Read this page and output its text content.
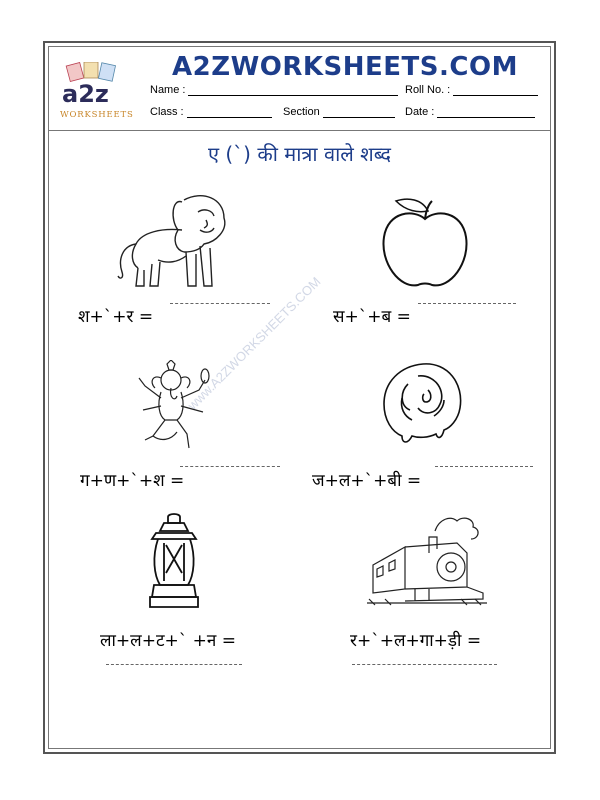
a2z
WORKSHEETS
A2ZWORKSHEETS.COM
Name :	Roll No. :
Class :	Section	Date :
ए (`) की मात्रा वाले शब्द
www.A2ZWORKSHEETS.COM
श+`+र =	स+`+ब =
ग+ण+`+श =	ज+ल+`+बी =
ला+ल+ट+` +न =	र+`+ल+गा+ड़ी =
